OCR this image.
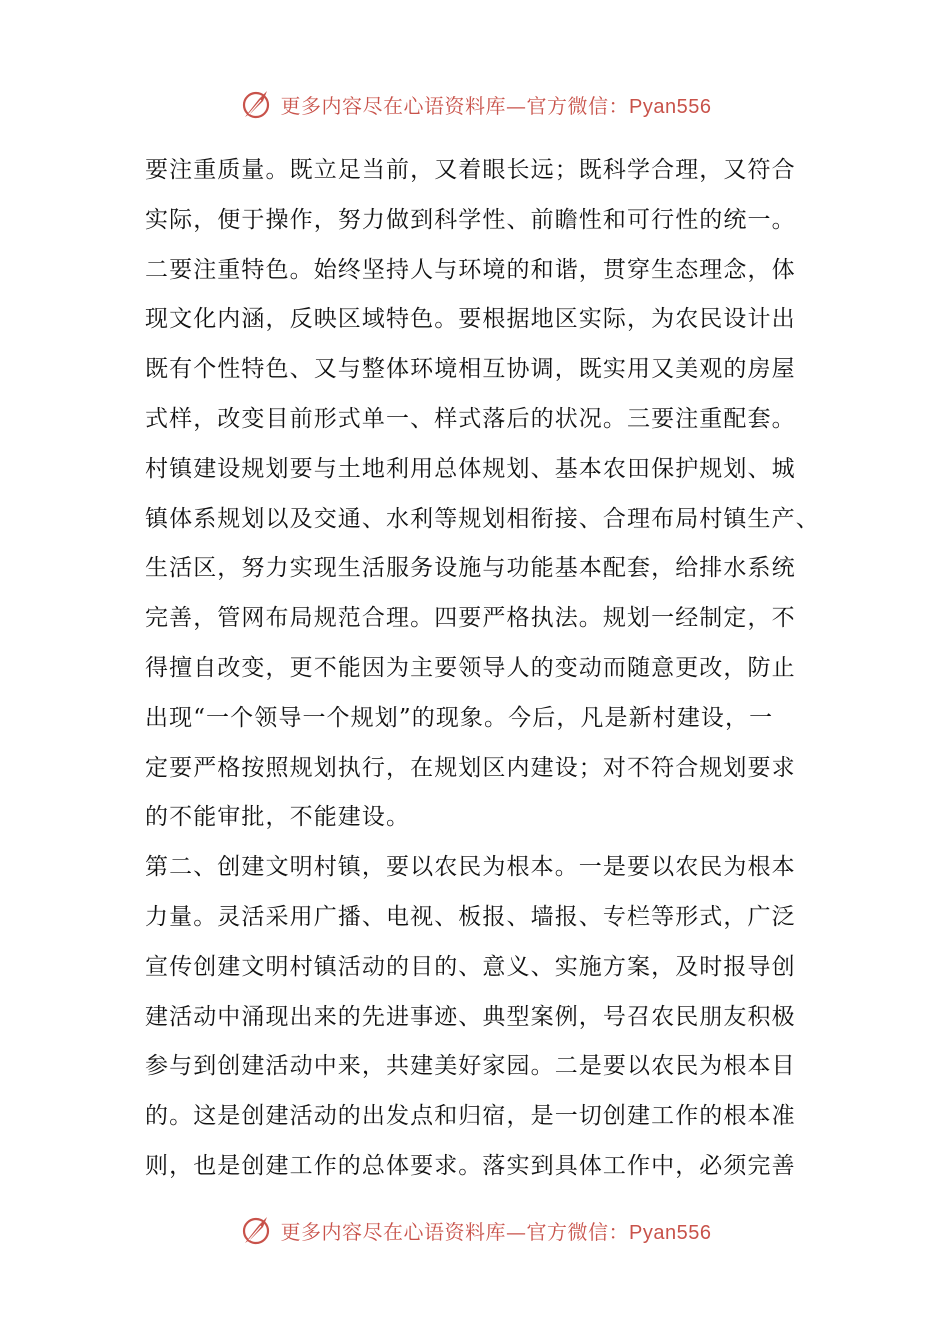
更多内容尽在心语资料库—官方微信：Pyan556
要注重质量。既立足当前，又着眼长远；既科学合理，又符合
实际，便于操作，努力做到科学性、前瞻性和可行性的统一。
二要注重特色。始终坚持人与环境的和谐，贯穿生态理念，体
现文化内涵，反映区域特色。要根据地区实际，为农民设计出
既有个性特色、又与整体环境相互协调，既实用又美观的房屋
式样，改变目前形式单一、样式落后的状况。三要注重配套。
村镇建设规划要与土地利用总体规划、基本农田保护规划、城
镇体系规划以及交通、水利等规划相衔接、合理布局村镇生产、
生活区，努力实现生活服务设施与功能基本配套，给排水系统
完善，管网布局规范合理。四要严格执法。规划一经制定，不
得擅自改变，更不能因为主要领导人的变动而随意更改，防止
出现“一个领导一个规划”的现象。今后，凡是新村建设，一
定要严格按照规划执行，在规划区内建设；对不符合规划要求
的不能审批，不能建设。
第二、创建文明村镇，要以农民为根本。一是要以农民为根本
力量。灵活采用广播、电视、板报、墙报、专栏等形式，广泛
宣传创建文明村镇活动的目的、意义、实施方案，及时报导创
建活动中涌现出来的先进事迹、典型案例，号召农民朋友积极
参与到创建活动中来，共建美好家园。二是要以农民为根本目
的。这是创建活动的出发点和归宿，是一切创建工作的根本准
则，也是创建工作的总体要求。落实到具体工作中，必须完善
更多内容尽在心语资料库—官方微信：Pyan556
